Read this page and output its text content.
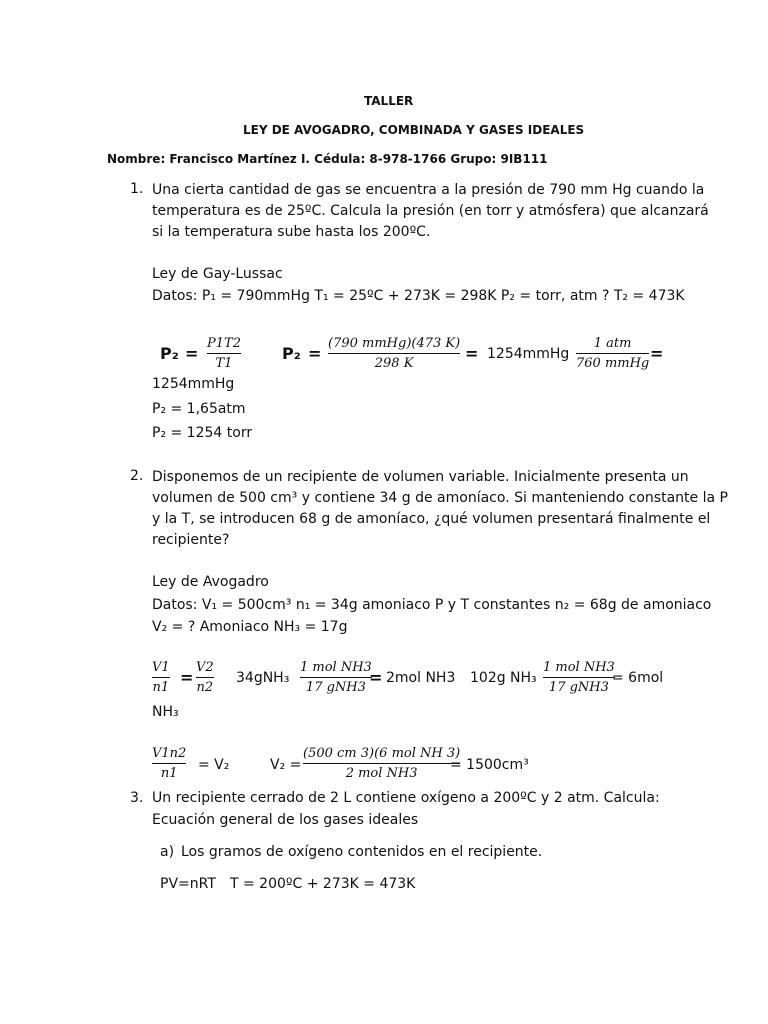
TALLER
LEY DE AVOGADRO, COMBINADA Y GASES IDEALES
Nombre: Francisco Martínez I. Cédula: 8-978-1766 Grupo: 9IB111
1. Una cierta cantidad de gas se encuentra a la presión de 790 mm Hg cuando la
temperatura es de 25ºC. Calcula la presión (en torr y atmósfera) que alcanzará
si la temperatura sube hasta los 200ºC.
Ley de Gay-Lussac
Datos: P₁ = 790mmHg T₁ = 25ºC + 273K = 298K P₂ = torr, atm ? T₂ = 473K
P₂ =
P1T2
T1
P₂ =
(790 mmHg)(473 K)
298 K
= 1254mmHg
1 atm
760 mmHg
=
1254mmHg
P₂ = 1,65atm
P₂ = 1254 torr
2. Disponemos de un recipiente de volumen variable. Inicialmente presenta un
volumen de 500 cm³ y contiene 34 g de amoníaco. Si manteniendo constante la P
y la T, se introducen 68 g de amoníaco, ¿qué volumen presentará finalmente el
recipiente?
Ley de Avogadro
Datos: V₁ = 500cm³ n₁ = 34g amoniaco P y T constantes n₂ = 68g de amoniaco
V₂ = ? Amoniaco NH₃ = 17g
V1
n1
=
V2
n2
34gNH₃
1 mol NH3
17 gNH3
= 2mol NH3 102g NH₃
1 mol NH3
17 gNH3
= 6mol
NH₃
V1n2
n1
= V₂	V₂ =
(500 cm 3)(6 mol NH 3)
2 mol NH3
= 1500cm³
3. Un recipiente cerrado de 2 L contiene oxígeno a 200ºC y 2 atm. Calcula:
Ecuación general de los gases ideales
a) Los gramos de oxígeno contenidos en el recipiente.
PV=nRT T = 200ºC + 273K = 473K
